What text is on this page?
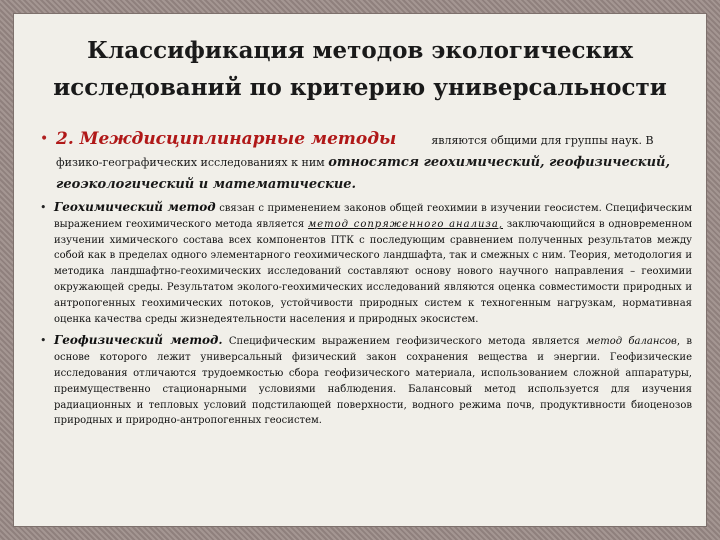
Классификация методов экологических
исследований по критерию универсальности
• 2. Междисциплинарные методы	являются общими для группы наук. В физико-географических исследованиях к ним относятся геохимический, геофизический, геоэкологический и математические.
• Геохимический метод связан с применением законов общей геохимии в изучении геосистем. Специфическим выражением геохимического метода является метод сопряженного анализа, заключающийся в одновременном изучении химического состава всех компонентов ПТК с последующим сравнением полученных результатов между собой как в пределах одного элементарного геохимического ландшафта, так и смежных с ним. Теория, методология и методика ландшафтно-геохимических исследований составляют основу нового научного направления – геохимии окружающей среды. Результатом эколого-геохимических исследований являются оценка совместимости природных и антропогенных геохимических потоков, устойчивости природных систем к техногенным нагрузкам, нормативная оценка качества среды жизнедеятельности населения и природных экосистем.
• Геофизический метод. Специфическим выражением геофизического метода является метод балансов, в основе которого лежит универсальный физический закон сохранения вещества и энергии. Геофизические исследования отличаются трудоемкостью сбора геофизического материала, использованием сложной аппаратуры, преимущественно стационарными условиями наблюдения. Балансовый метод используется для изучения радиационных и тепловых условий подстилающей поверхности, водного режима почв, продуктивности биоценозов природных и природно-антропогенных геосистем.
